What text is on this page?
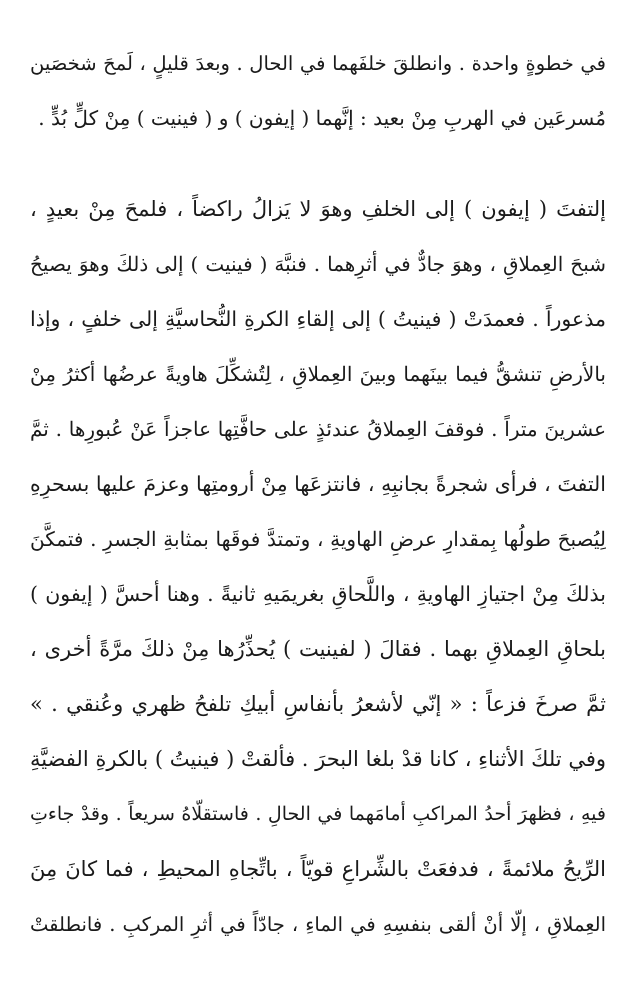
في خطوةٍ واحدة . وانطلقَ خلفَهما في الحال . وبعدَ قليلٍ ، لَمحَ شخصَين
مُسرعَين في الهربِ مِنْ بعيد : إنَّهما ( إيفون ) و ( فينيت ) مِنْ كلٍّ بُدٍّ .
إلتفتَ ( إيفون ) إلى الخلفِ وهوَ لا يَزالُ راكضاً ، فلمحَ مِنْ بعيدٍ ،
شبحَ العِملاقِ ، وهوَ جادٌّ في أثرِهما . فنبَّهَ ( فينيت ) إلى ذلكَ وهوَ يصيحُ
مذعوراً . فعمدَتْ ( فينيتُ ) إلى إلقاءِ الكرةِ النُّحاسيَّةِ إلى خلفٍ ، وإذا
بالأرضِ تنشقُّ فيما بينَهما وبينَ العِملاقِ ، لِتُشكِّلَ هاويةً عرضُها أكثرُ مِنْ
عشرينَ متراً . فوقفَ العِملاقُ عندئذٍ على حافَّتِها عاجزاً عَنْ عُبورِها . ثمَّ
التفتَ ، فرأى شجرةً بجانبِهِ ، فانتزعَها مِنْ أرومتِها وعزمَ عليها بسحرِهِ
لِيُصبحَ طولُها بِمقدارِ عرضِ الهاويةِ ، وتمتدَّ فوقَها بمثابةِ الجسرِ . فتمكَّنَ
بذلكَ مِنْ اجتيازِ الهاويةِ ، واللَّحاقِ بغريمَيهِ ثانيةً . وهنا أحسَّ ( إيفون )
بلحاقِ العِملاقِ بهما . فقالَ ( لفينيت ) يُحذِّرُها مِنْ ذلكَ مرَّةً أخرى ،
ثمَّ صرخَ فزعاً : « إنّي لأشعرُ بأنفاسِ أبيكِ تلفحُ ظهري وعُنقي . »
وفي تلكَ الأثناءِ ، كانا قدْ بلغا البحرَ . فألقتْ ( فينيتُ ) بالكرةِ الفضيَّةِ
فيهِ ، فظهرَ أحدُ المراكبِ أمامَهما في الحالِ . فاستقلّاهُ سريعاً . وقدْ جاءتِ
الرِّيحُ ملائمةً ، فدفعَتْ بالشِّراعِ قويّاً ، باتِّجاهِ المحيطِ ، فما كانَ مِنَ
العِملاقِ ، إلّا أنْ ألقى بنفسِهِ في الماءِ ، جادّاً في أثرِ المركبِ . فانطلقتْ
